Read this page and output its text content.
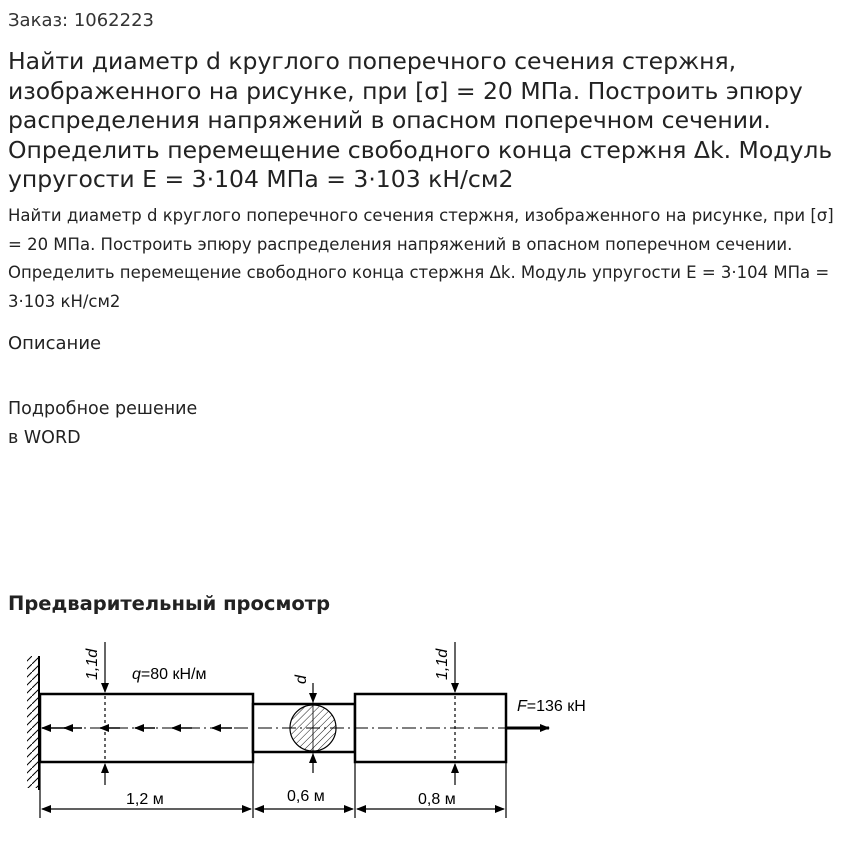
Заказ: 1062223
Найти диаметр d круглого поперечного сечения стержня, изображенного на рисунке, при [σ] = 20 МПа. Построить эпюру распределения напряжений в опасном поперечном сечении. Определить перемещение свободного конца стержня Δk. Модуль упругости E = 3·104 МПа = 3·103 кН/см2

Найти диаметр d круглого поперечного сечения стержня, изображенного на рисунке, при [σ] = 20 МПа. Построить эпюру распределения напряжений в опасном поперечном сечении. Определить перемещение свободного конца стержня Δk. Модуль упругости E = 3·104 МПа = 3·103 кН/см2

Описание
Подробное решение
в WORD
Предварительный просмотр
1,1d	1,1d
d
q=80 кН/м
F=136 кН
1,2 м	0,6 м	0,8 м
